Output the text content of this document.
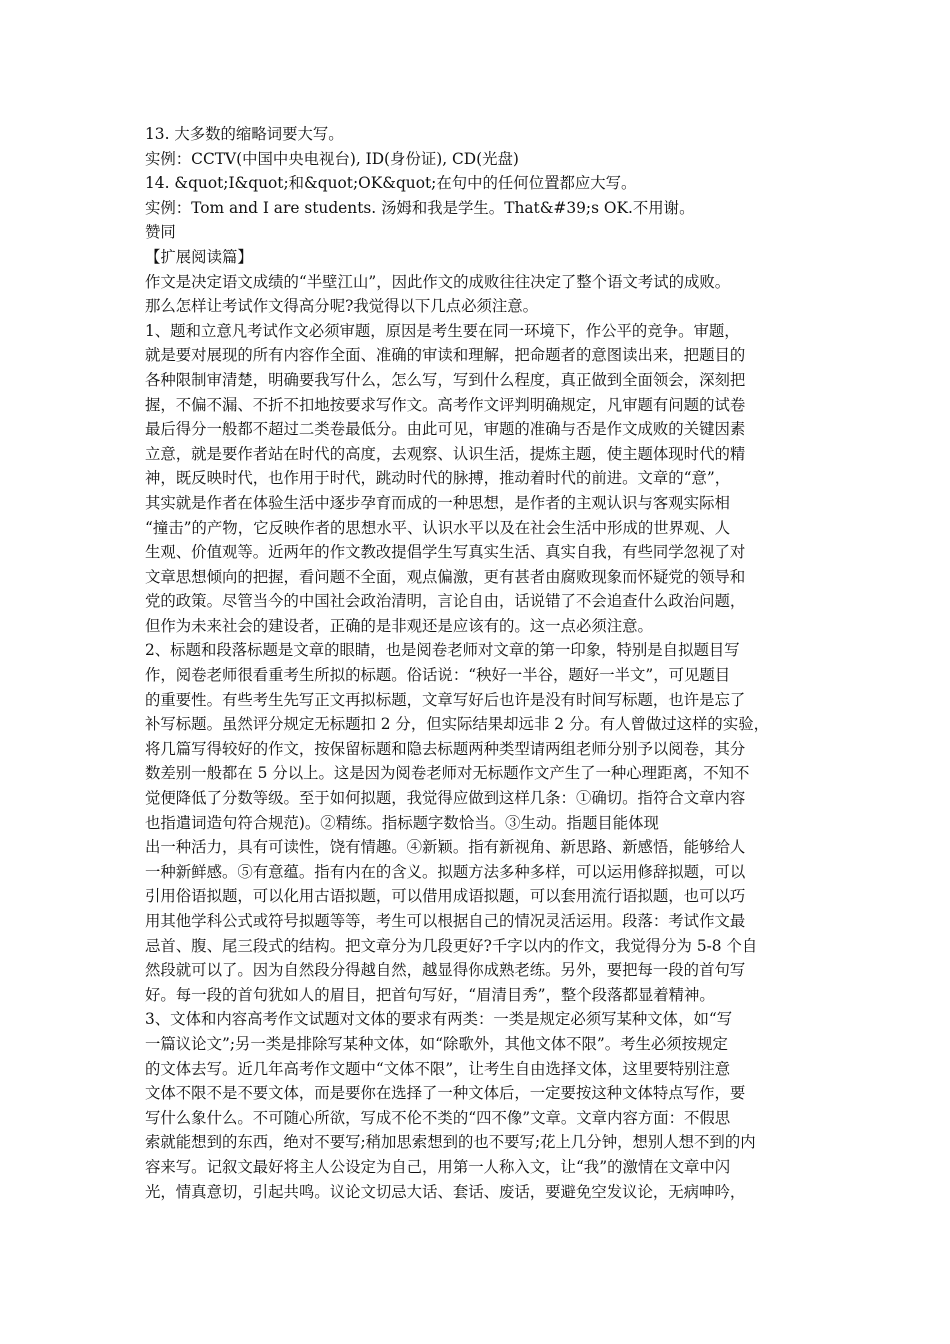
13. 大多数的缩略词要大写。
实例：CCTV(中国中央电视台), ID(身份证), CD(光盘)
14. &quot;I&quot;和&quot;OK&quot;在句中的任何位置都应大写。
实例：Tom and I are students. 汤姆和我是学生。That&#39;s OK.不用谢。
赞同
【扩展阅读篇】
作文是决定语文成绩的“半壁江山”，因此作文的成败往往决定了整个语文考试的成败。
那么怎样让考试作文得高分呢?我觉得以下几点必须注意。
1、题和立意凡考试作文必须审题，原因是考生要在同一环境下，作公平的竞争。审题，
就是要对展现的所有内容作全面、准确的审读和理解，把命题者的意图读出来，把题目的
各种限制审清楚，明确要我写什么，怎么写，写到什么程度，真正做到全面领会，深刻把
握，不偏不漏、不折不扣地按要求写作文。高考作文评判明确规定，凡审题有问题的试卷
最后得分一般都不超过二类卷最低分。由此可见，审题的准确与否是作文成败的关键因素
立意，就是要作者站在时代的高度，去观察、认识生活，提炼主题，使主题体现时代的精
神，既反映时代，也作用于时代，跳动时代的脉搏，推动着时代的前进。文章的“意”，
其实就是作者在体验生活中逐步孕育而成的一种思想，是作者的主观认识与客观实际相
“撞击”的产物，它反映作者的思想水平、认识水平以及在社会生活中形成的世界观、人
生观、价值观等。近两年的作文教改提倡学生写真实生活、真实自我，有些同学忽视了对
文章思想倾向的把握，看问题不全面，观点偏激，更有甚者由腐败现象而怀疑党的领导和
党的政策。尽管当今的中国社会政治清明，言论自由，话说错了不会追查什么政治问题，
但作为未来社会的建设者，正确的是非观还是应该有的。这一点必须注意。
2、标题和段落标题是文章的眼睛，也是阅卷老师对文章的第一印象，特别是自拟题目写
作，阅卷老师很看重考生所拟的标题。俗话说：“秧好一半谷，题好一半文”，可见题目
的重要性。有些考生先写正文再拟标题，文章写好后也许是没有时间写标题，也许是忘了
补写标题。虽然评分规定无标题扣 2 分，但实际结果却远非 2 分。有人曾做过这样的实验，
将几篇写得较好的作文，按保留标题和隐去标题两种类型请两组老师分别予以阅卷，其分
数差别一般都在 5 分以上。这是因为阅卷老师对无标题作文产生了一种心理距离，不知不
觉便降低了分数等级。至于如何拟题，我觉得应做到这样几条：①确切。指符合文章内容
也指遣词造句符合规范)。②精练。指标题字数恰当。③生动。指题目能体现
出一种活力，具有可读性，饶有情趣。④新颖。指有新视角、新思路、新感悟，能够给人
一种新鲜感。⑤有意蕴。指有内在的含义。拟题方法多种多样，可以运用修辞拟题，可以
引用俗语拟题，可以化用古语拟题，可以借用成语拟题，可以套用流行语拟题，也可以巧
用其他学科公式或符号拟题等等，考生可以根据自己的情况灵活运用。段落：考试作文最
忌首、腹、尾三段式的结构。把文章分为几段更好?千字以内的作文，我觉得分为 5-8 个自
然段就可以了。因为自然段分得越自然，越显得你成熟老练。另外，要把每一段的首句写
好。每一段的首句犹如人的眉目，把首句写好，“眉清目秀”，整个段落都显着精神。
3、文体和内容高考作文试题对文体的要求有两类：一类是规定必须写某种文体，如“写
一篇议论文”;另一类是排除写某种文体，如“除歌外，其他文体不限”。考生必须按规定
的文体去写。近几年高考作文题中“文体不限”，让考生自由选择文体，这里要特别注意
文体不限不是不要文体，而是要你在选择了一种文体后，一定要按这种文体特点写作，要
写什么象什么。不可随心所欲，写成不伦不类的“四不像”文章。文章内容方面：不假思
索就能想到的东西，绝对不要写;稍加思索想到的也不要写;花上几分钟，想别人想不到的内
容来写。记叙文最好将主人公设定为自己，用第一人称入文，让“我”的激情在文章中闪
光，情真意切，引起共鸣。议论文切忌大话、套话、废话，要避免空发议论，无病呻吟，
